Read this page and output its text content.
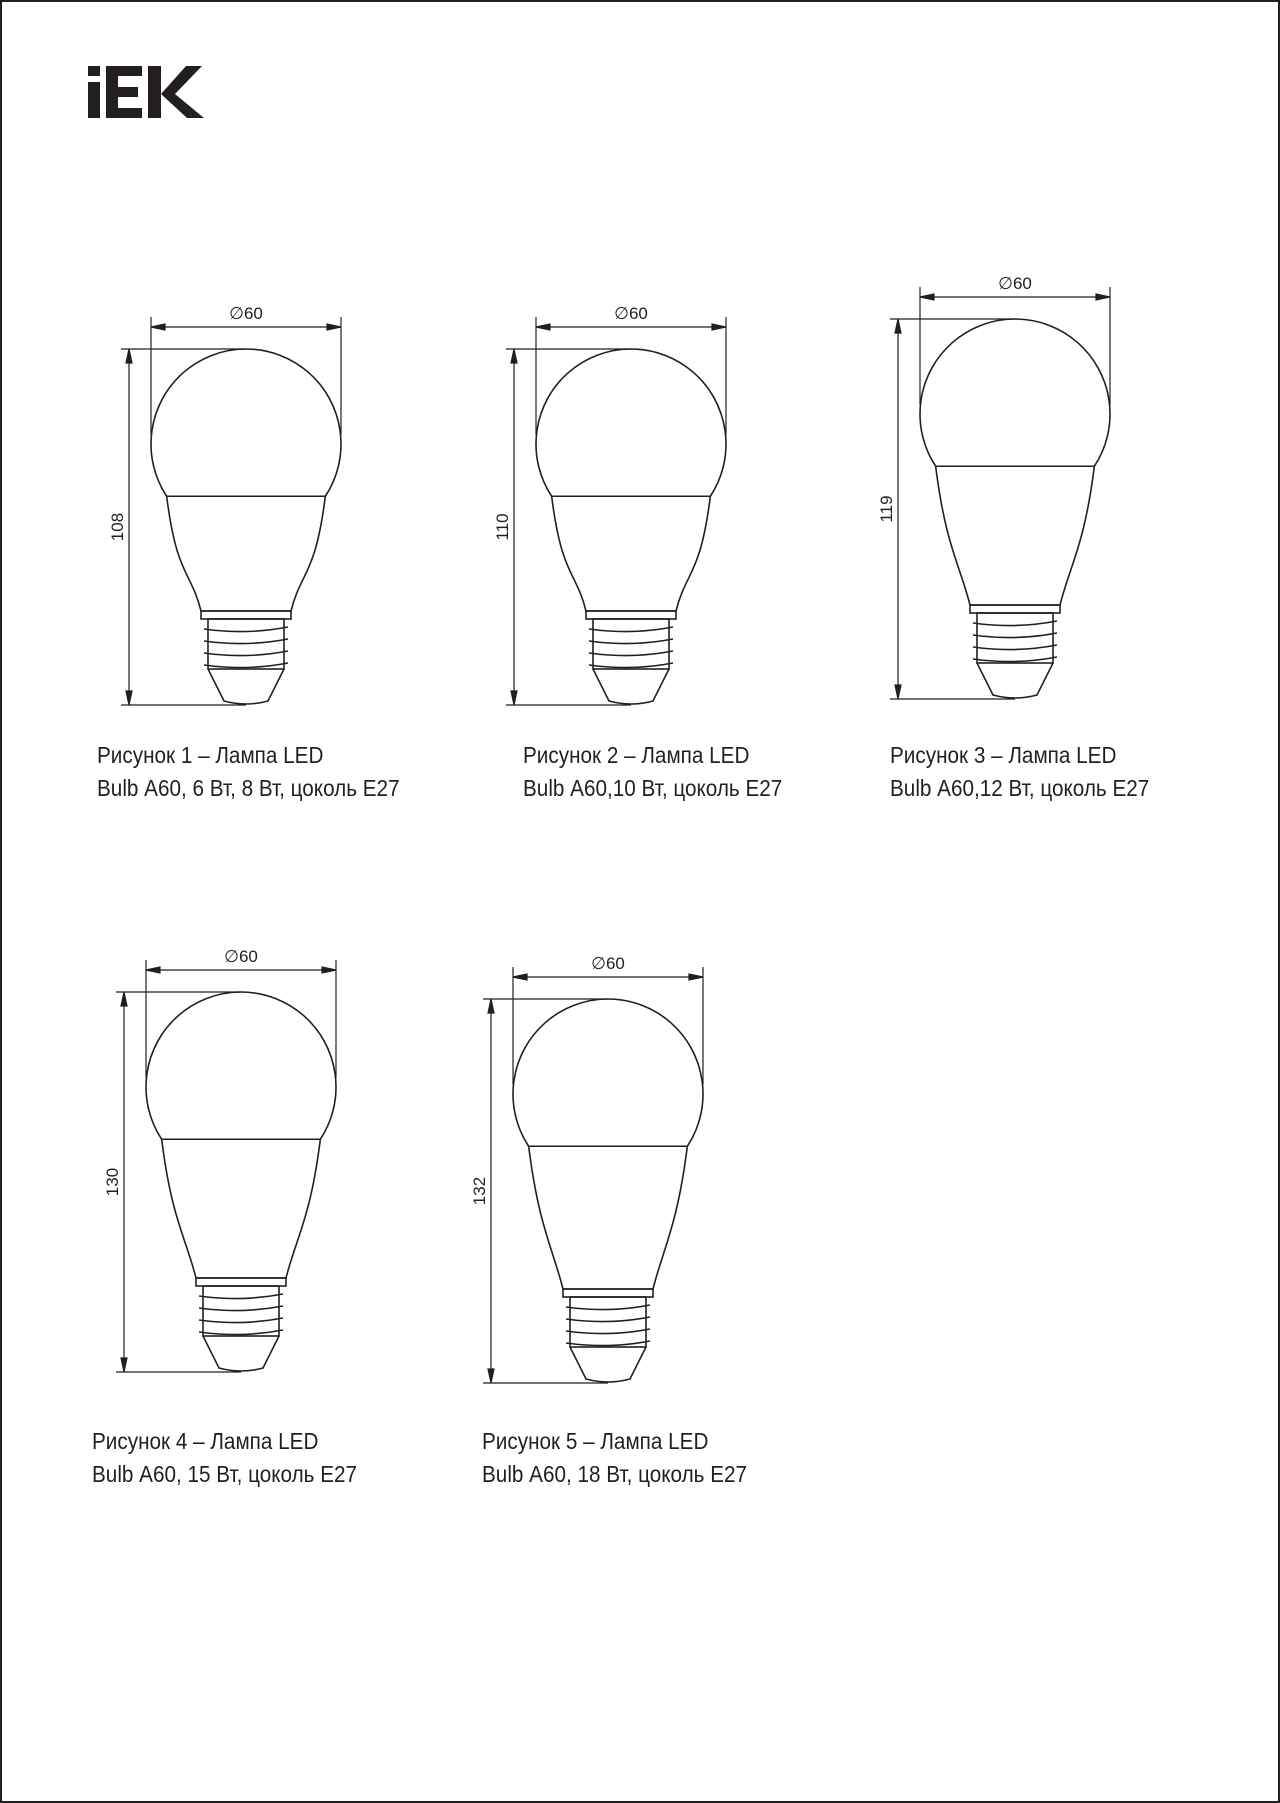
∅60
108
Рисунок 1 – Лампа LED
Bulb А60, 6 Вт, 8 Вт, цоколь Е27
∅60
110
Рисунок 2 – Лампа LED
Bulb А60,10 Вт, цоколь Е27
∅60
119
Рисунок 3 – Лампа LED
Bulb А60,12 Вт, цоколь Е27
∅60
130
Рисунок 4 – Лампа LED
Bulb А60, 15 Вт, цоколь Е27
∅60
132
Рисунок 5 – Лампа LED
Bulb А60, 18 Вт, цоколь Е27
